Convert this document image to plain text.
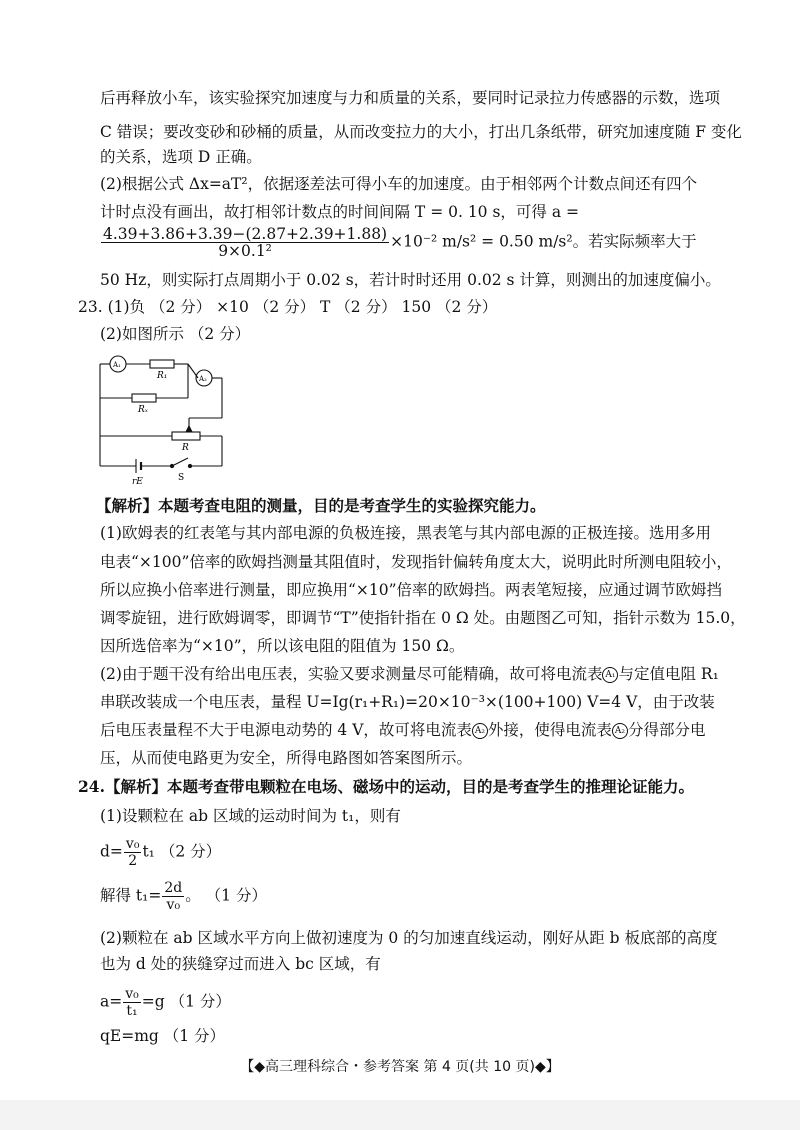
后再释放小车，该实验探究加速度与力和质量的关系，要同时记录拉力传感器的示数，选项
C 错误；要改变砂和砂桶的质量，从而改变拉力的大小，打出几条纸带，研究加速度随 F 变化
的关系，选项 D 正确。
(2)根据公式 Δx=aT²，依据逐差法可得小车的加速度。由于相邻两个计数点间还有四个
计时点没有画出，故打相邻计数点的时间间隔 T = 0. 10 s，可得 a =
$\frac{4.39+3.86+3.39-(2.87+2.39+1.88)}{\text{9×0.1²}} \times 10^{-2}$ m/s² = 0.50 m/s²。若实际频率大于
50 Hz，则实际打点周期小于 0.02 s，若计时时还用 0.02 s 计算，则测出的加速度偏小。
23. (1)负 （2 分） ×10 （2 分） T （2 分） 150 （2 分）
(2)如图所示 （2 分）
A₁
A₂
R₁
Rₓ
R
S
rE
【解析】本题考查电阻的测量，目的是考查学生的实验探究能力。
(1)欧姆表的红表笔与其内部电源的负极连接，黑表笔与其内部电源的正极连接。选用多用
电表“×100”倍率的欧姆挡测量其阻值时，发现指针偏转角度太大，说明此时所测电阻较小，
所以应换小倍率进行测量，即应换用“×10”倍率的欧姆挡。两表笔短接，应通过调节欧姆挡
调零旋钮，进行欧姆调零，即调节“T”使指针指在 0 Ω 处。由题图乙可知，指针示数为 15.0，
因所选倍率为“×10”，所以该电阻的阻值为 150 Ω。
(2)由于题干没有给出电压表，实验又要求测量尽可能精确，故可将电流表 A₁ 与定值电阻 R₁
串联改装成一个电压表，量程 U=Ig(r₁+R₁)=20×10⁻³×(100+100) V=4 V，由于改装
后电压表量程不大于电源电动势的 4 V，故可将电流表 A₂ 外接，使得电流表 A₂ 分得部分电
压，从而使电路更为安全，所得电路图如答案图所示。
24.【解析】本题考查带电颗粒在电场、磁场中的运动，目的是考查学生的推理论证能力。
(1)设颗粒在 ab 区域的运动时间为 t₁，则有
$d= \frac{\text{v₀}}{2} t_1$ （2 分）
解得 $t_1= \frac{2d}{\text{v₀}}$ 。 （1 分）
(2)颗粒在 ab 区域水平方向上做初速度为 0 的匀加速直线运动，刚好从距 b 板底部的高度
也为 d 处的狭缝穿过而进入 bc 区域，有
$a= \frac{\text{v₀}}{\text{t₁}} =g$ （1 分）
qE=mg （1 分）
【◆高三理科综合・参考答案 第 4 页(共 10 页)◆】
